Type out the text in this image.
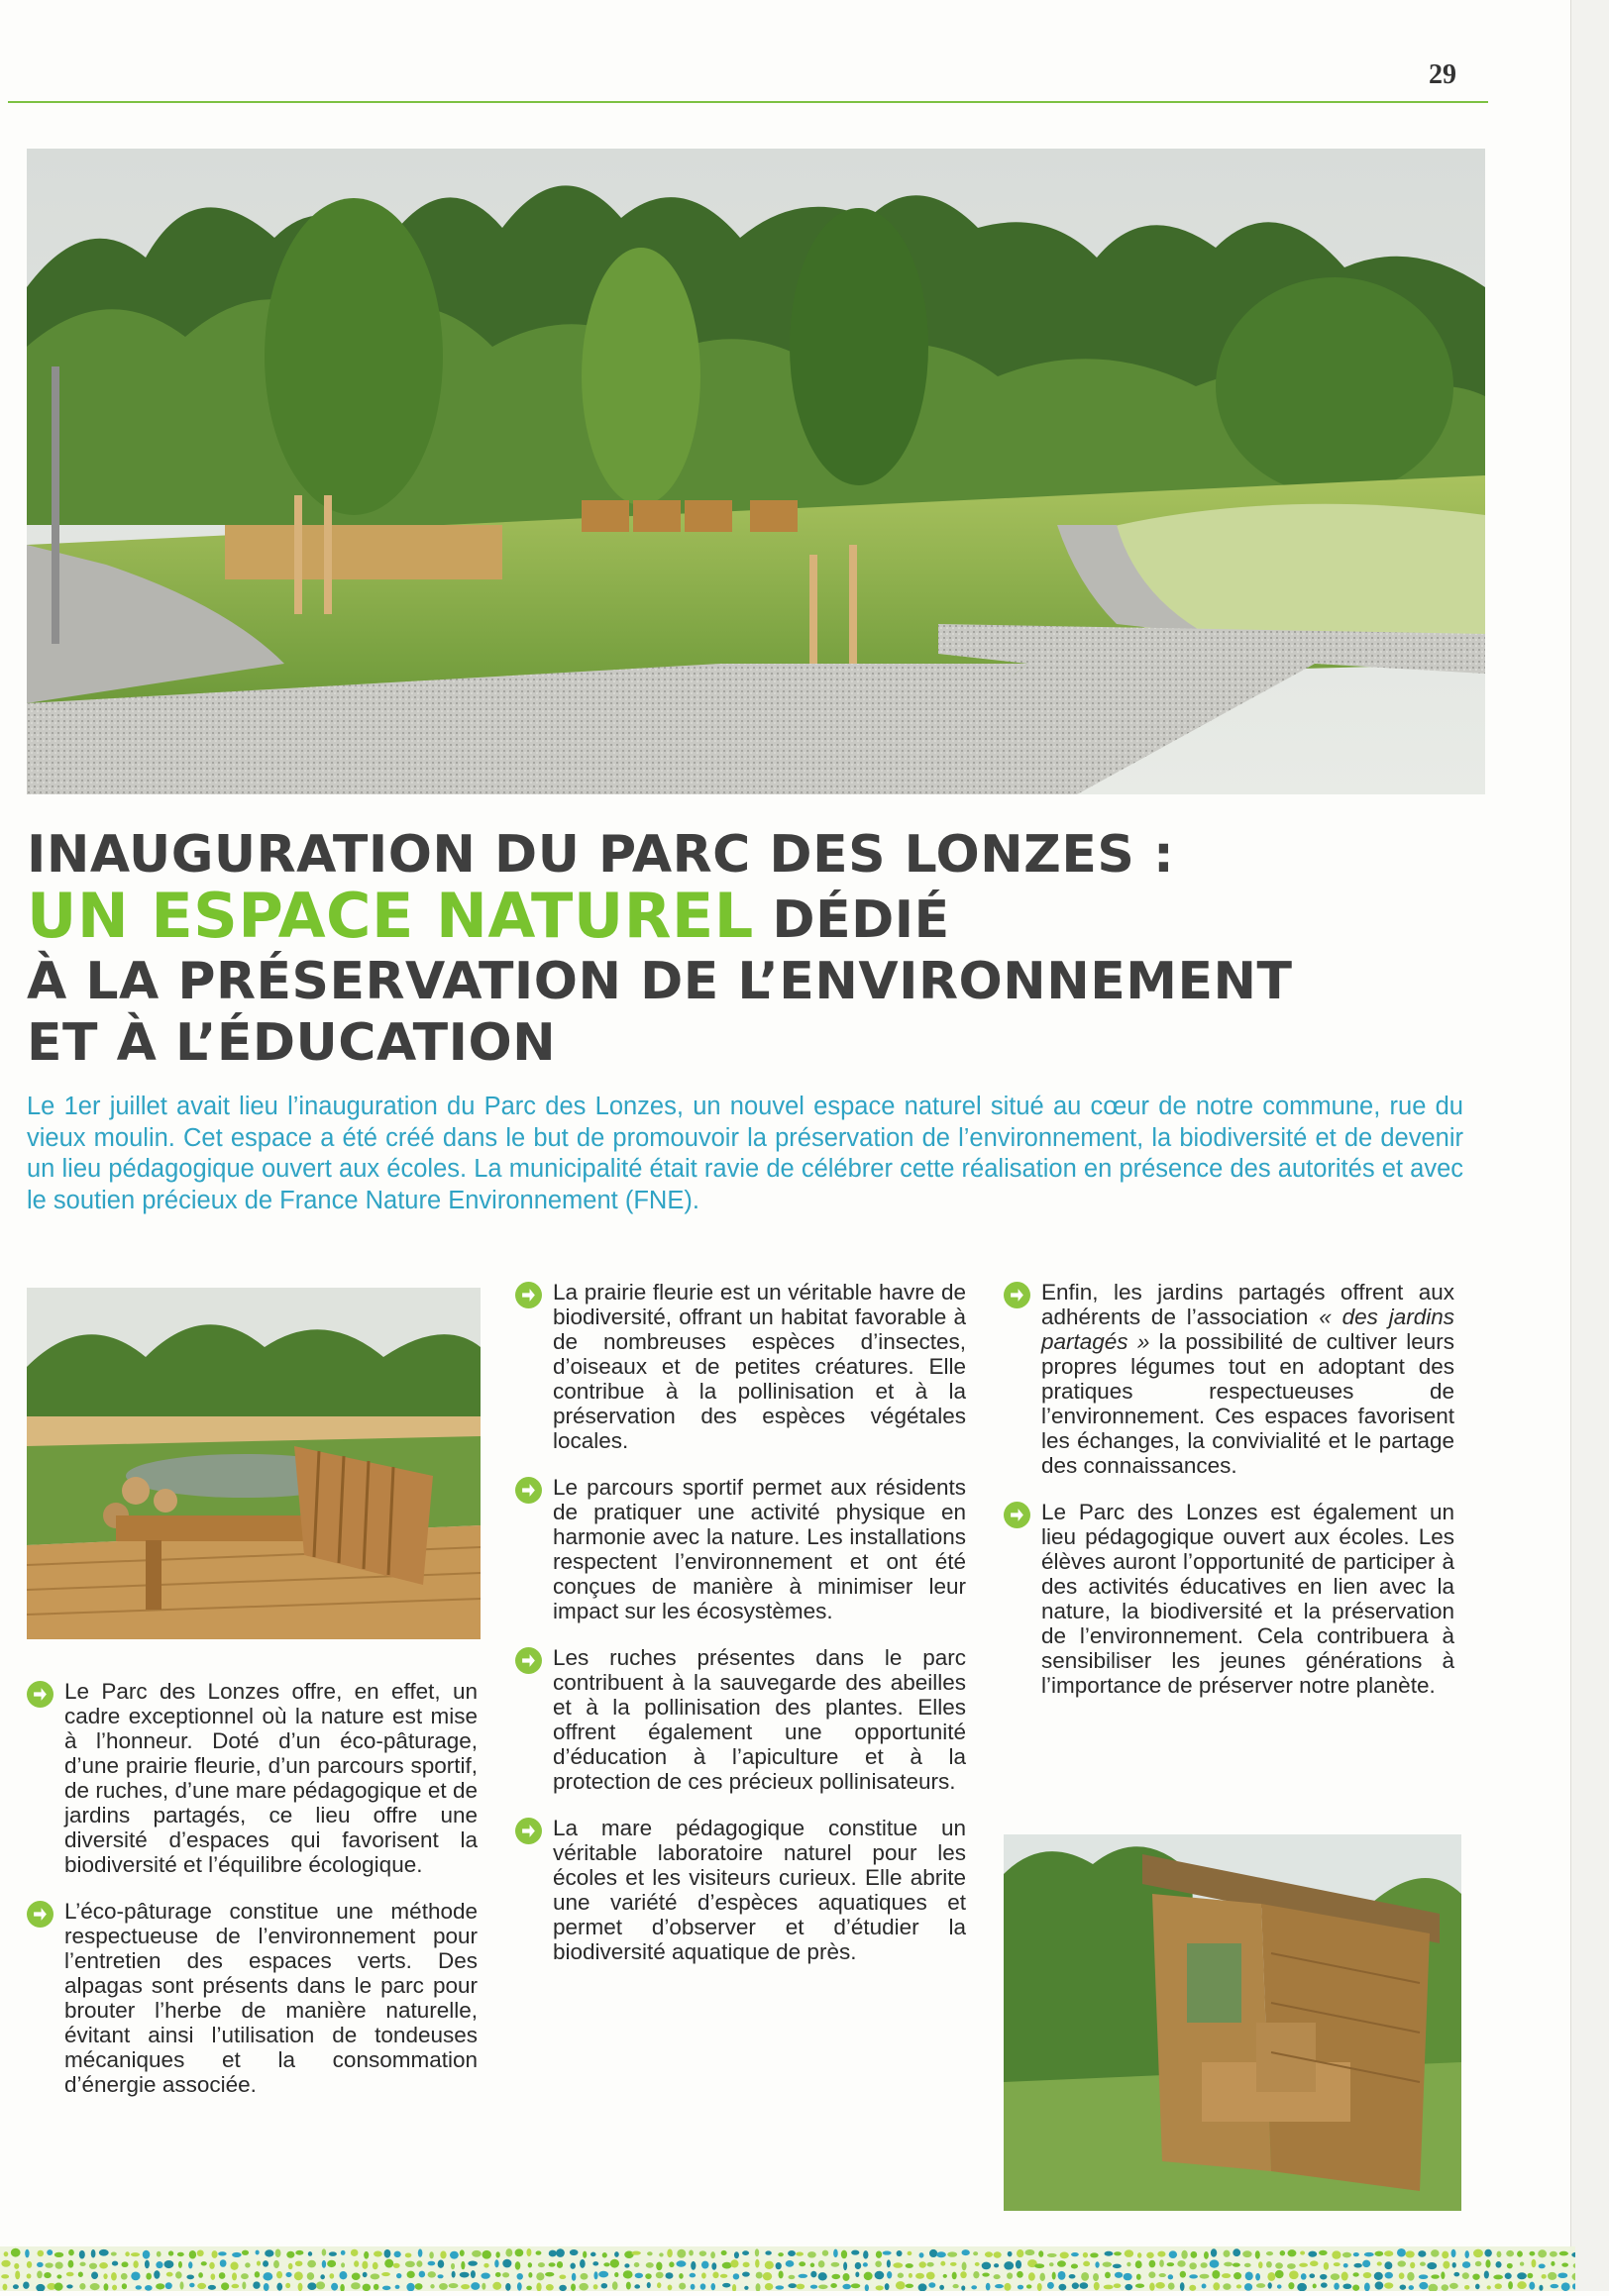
29
INAUGURATION DU PARC DES LONZES :
UN ESPACE NATUREL DÉDIÉ
À LA PRÉSERVATION DE L’ENVIRONNEMENT
ET À L’ÉDUCATION
Le 1er juillet avait lieu l’inauguration du Parc des Lonzes, un nouvel espace naturel situé au cœur de notre commune, rue du vieux moulin. Cet espace a été créé dans le but de promouvoir la préservation de l’environnement, la biodiversité et de devenir un lieu pédagogique ouvert aux écoles. La municipalité était ravie de célébrer cette réalisation en présence des autorités et avec le soutien précieux de France Nature Environnement (FNE).
Le Parc des Lonzes offre, en effet, un cadre exceptionnel où la nature est mise à l’honneur. Doté d’un éco-pâturage, d’une prairie fleurie, d’un parcours sportif, de ruches, d’une mare pédagogique et de jardins partagés, ce lieu offre une diversité d’espaces qui favorisent la biodiversité et l’équilibre écologique.
L’éco-pâturage constitue une méthode respectueuse de l’environnement pour l’entretien des espaces verts. Des alpagas sont présents dans le parc pour brouter l’herbe de manière naturelle, évitant ainsi l’utilisation de tondeuses mécaniques et la consommation d’énergie associée.
La prairie fleurie est un véritable havre de biodiversité, offrant un habitat favorable à de nombreuses espèces d’insectes, d’oiseaux et de petites créatures. Elle contribue à la pollinisation et à la préservation des espèces végétales locales.
Le parcours sportif permet aux résidents de pratiquer une activité physique en harmonie avec la nature. Les installations respectent l’environnement et ont été conçues de manière à minimiser leur impact sur les écosystèmes.
Les ruches présentes dans le parc contribuent à la sauvegarde des abeilles et à la pollinisation des plantes. Elles offrent également une opportunité d’éducation à l’apiculture et à la protection de ces précieux pollinisateurs.
La mare pédagogique constitue un véritable laboratoire naturel pour les écoles et les visiteurs curieux. Elle abrite une variété d’espèces aquatiques et permet d’observer et d’étudier la biodiversité aquatique de près.
Enfin, les jardins partagés offrent aux adhérents de l’association « des jardins partagés » la possibilité de cultiver leurs propres légumes tout en adoptant des pratiques respectueuses de l’environnement. Ces espaces favorisent les échanges, la convivialité et le partage des connaissances.
Le Parc des Lonzes est également un lieu pédagogique ouvert aux écoles. Les élèves auront l’opportunité de participer à des activités éducatives en lien avec la nature, la biodiversité et la préservation de l’environnement. Cela contribuera à sensibiliser les jeunes générations à l’importance de préserver notre planète.
